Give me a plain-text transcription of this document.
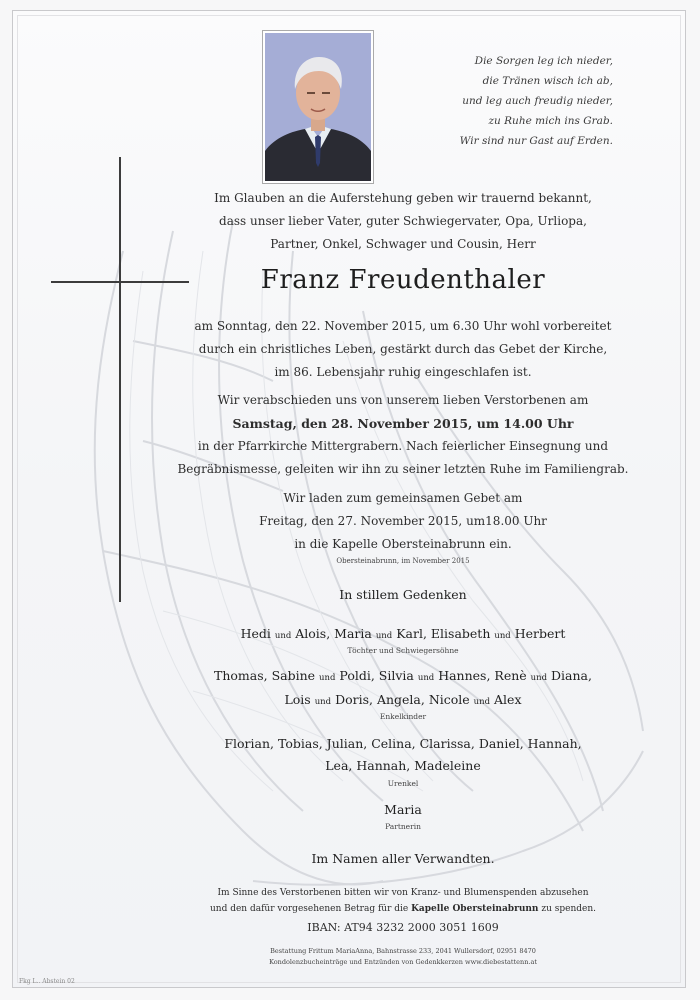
Die Sorgen leg ich nieder,
die Tränen wisch ich ab,
und leg auch freudig nieder,
zu Ruhe mich ins Grab.
Wir sind nur Gast auf Erden.
Im Glauben an die Auferstehung geben wir trauernd bekannt,
dass unser lieber Vater, guter Schwiegervater, Opa, Urliopa,
Partner, Onkel, Schwager und Cousin, Herr
Franz Freudenthaler
am Sonntag, den 22. November 2015, um 6.30 Uhr wohl vorbereitet
durch ein christliches Leben, gestärkt durch das Gebet der Kirche,
im 86. Lebensjahr ruhig eingeschlafen ist.
Wir verabschieden uns von unserem lieben Verstorbenen am
Samstag, den 28. November 2015, um 14.00 Uhr
in der Pfarrkirche Mittergrabern. Nach feierlicher Einsegnung und
Begräbnismesse, geleiten wir ihn zu seiner letzten Ruhe im Familiengrab.
Wir laden zum gemeinsamen Gebet am
Freitag, den 27. November 2015, um18.00 Uhr
in die Kapelle Obersteinabrunn ein.
Obersteinabrunn, im November 2015
In stillem Gedenken
Hedi und Alois, Maria und Karl, Elisabeth und Herbert
Töchter und Schwiegersöhne
Thomas, Sabine und Poldi, Silvia und Hannes, Renè und Diana,
Lois und Doris, Angela, Nicole und Alex
Enkelkinder
Florian, Tobias, Julian, Celina, Clarissa, Daniel, Hannah,
Lea, Hannah, Madeleine
Urenkel
Maria
Partnerin
Im Namen aller Verwandten.
Im Sinne des Verstorbenen bitten wir von Kranz- und Blumenspenden abzusehen
und den dafür vorgesehenen Betrag für die Kapelle Obersteinabrunn zu spenden.
IBAN: AT94 3232 2000 3051 1609
Bestattung Frittum MariaAnna, Bahnstrasse 233, 2041 Wullersdorf, 02951 8470
Kondolenzbucheinträge und Entzünden von Gedenkkerzen www.diebestattenn.at
Fkg L.. Abstein 02
